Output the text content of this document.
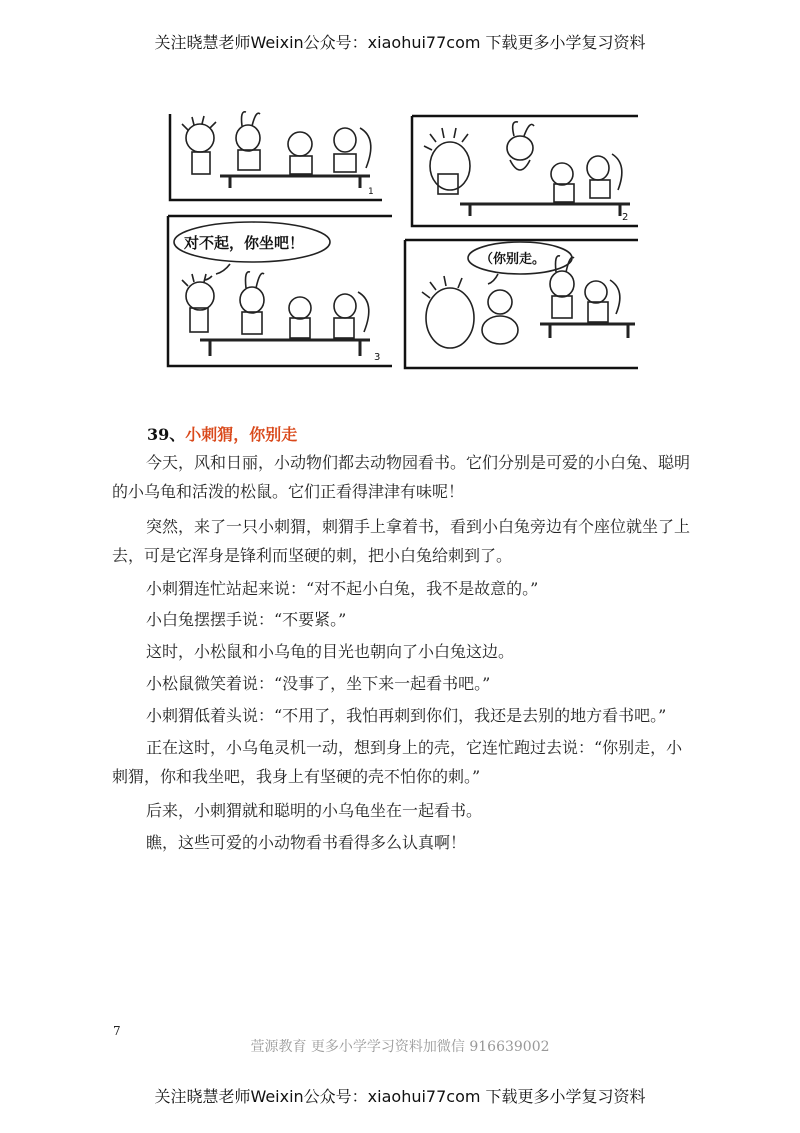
关注晓慧老师Weixin公众号：xiaohui77com 下载更多小学复习资料
1
2
3
对不起，你坐吧！
（你别走。
39、小刺猬，你别走
今天，风和日丽，小动物们都去动物园看书。它们分别是可爱的小白兔、聪明的小乌龟和活泼的松鼠。它们正看得津津有味呢！
突然，来了一只小刺猬，刺猬手上拿着书，看到小白兔旁边有个座位就坐了上去，可是它浑身是锋利而坚硬的刺，把小白兔给刺到了。
小刺猬连忙站起来说：“对不起小白兔，我不是故意的。”
小白兔摆摆手说：“不要紧。”
这时，小松鼠和小乌龟的目光也朝向了小白兔这边。
小松鼠微笑着说：“没事了，坐下来一起看书吧。”
小刺猬低着头说：“不用了，我怕再刺到你们，我还是去别的地方看书吧。”
正在这时，小乌龟灵机一动，想到身上的壳，它连忙跑过去说：“你别走，小刺猬，你和我坐吧，我身上有坚硬的壳不怕你的刺。”
后来，小刺猬就和聪明的小乌龟坐在一起看书。
瞧，这些可爱的小动物看书看得多么认真啊！
7
萱源教育 更多小学学习资料加微信 916639002
关注晓慧老师Weixin公众号：xiaohui77com 下载更多小学复习资料
